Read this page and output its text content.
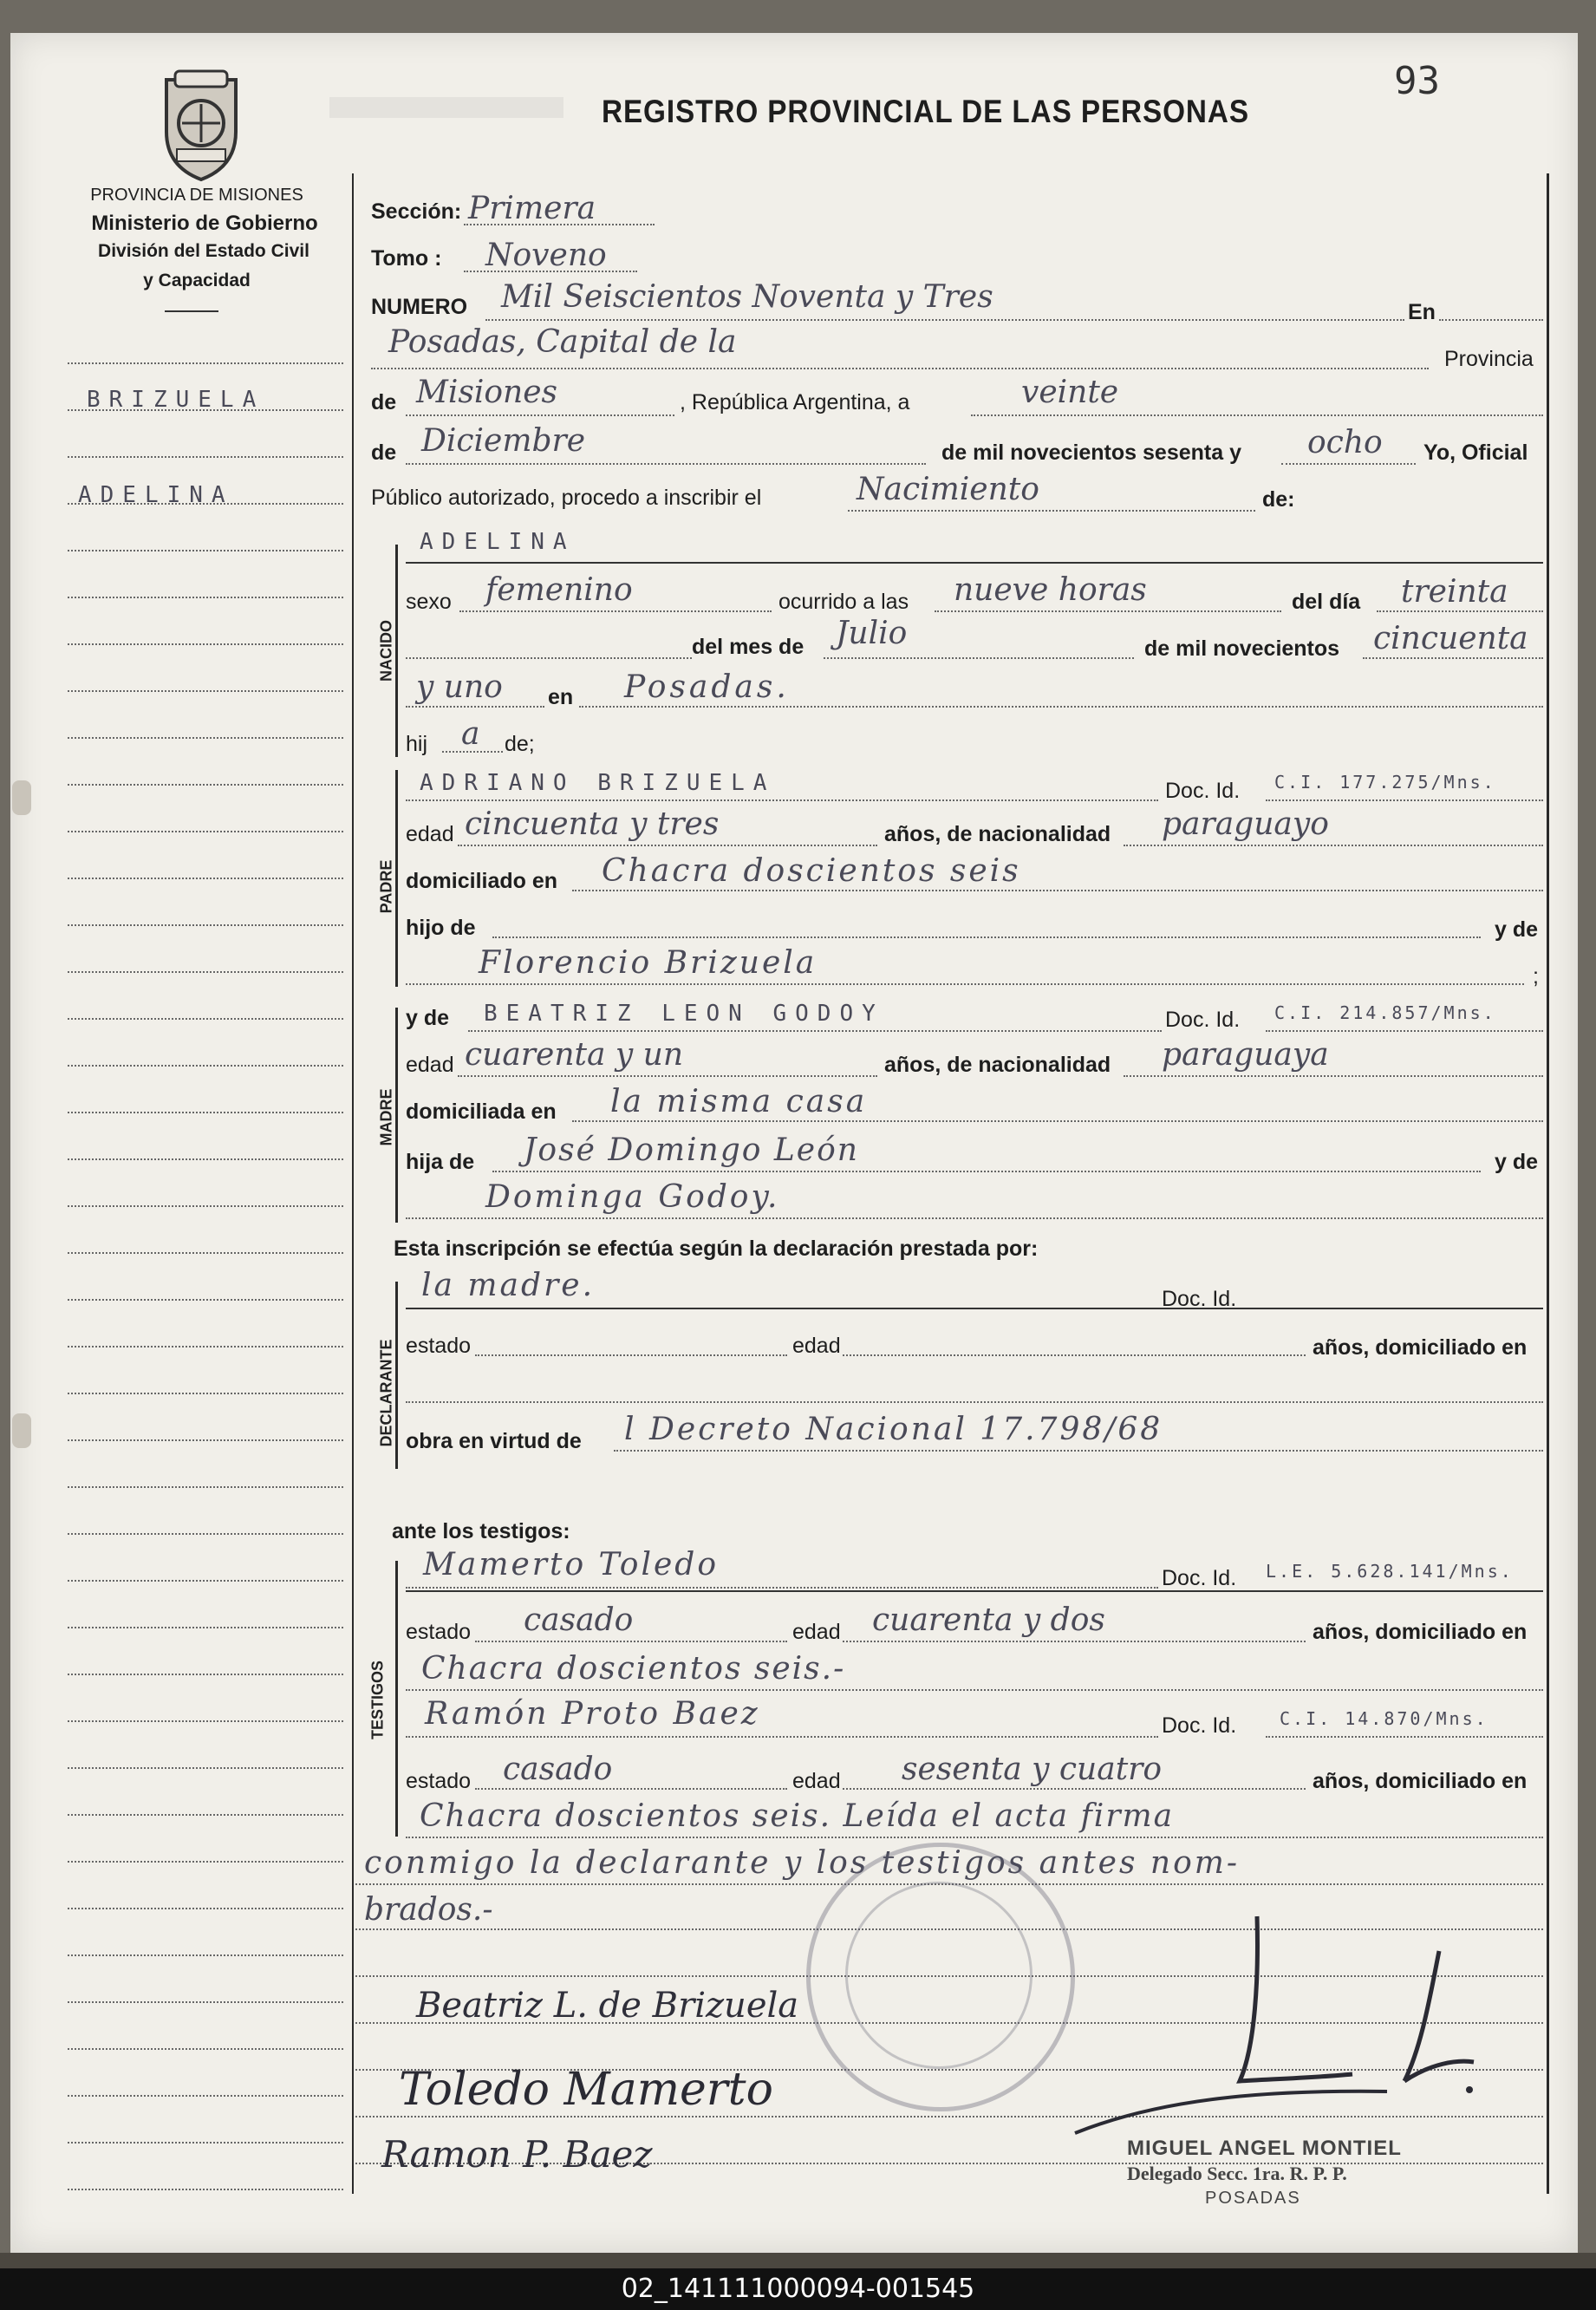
93
REGISTRO PROVINCIAL DE LAS PERSONAS
PROVINCIA DE MISIONES
Ministerio de Gobierno
División del Estado Civil
y Capacidad
BRIZUELA
ADELINA
Sección: Primera
Tomo : Noveno
NUMERO Mil Seiscientos Noventa y Tres	En
Posadas, Capital de la	Provincia
de Misiones	, República Argentina, a	veinte
de Diciembre	de mil novecientos sesenta y ocho Yo, Oficial
Público autorizado, procedo a inscribir el	Nacimiento	de:
NACIDO
ADELINA
sexo femenino	ocurrido a las nueve horas	del día treinta
del mes de Julio	de mil novecientos cincuenta
y uno en Posadas.
hij a de;
PADRE
ADRIANO BRIZUELA	Doc. Id. C.I. 177.275/Mns.
edad cincuenta y tres	años, de nacionalidad paraguayo
domiciliado en Chacra doscientos seis
hijo de	y de
Florencio Brizuela	;
MADRE
y de BEATRIZ LEON GODOY	Doc. Id. C.I. 214.857/Mns.
edad cuarenta y un	años, de nacionalidad paraguaya
domiciliada en la misma casa
hija de José Domingo León	y de
Dominga Godoy.
Esta inscripción se efectúa según la declaración prestada por:
DECLARANTE
la madre.	Doc. Id.
estado	edad	años, domiciliado en
obra en virtud de l Decreto Nacional 17.798/68
ante los testigos:
TESTIGOS
Mamerto Toledo	Doc. Id. L.E. 5.628.141/Mns.
estado casado	edad cuarenta y dos	años, domiciliado en
Chacra doscientos seis.-
Ramón Proto Baez	Doc. Id. C.I. 14.870/Mns.
estado casado	edad sesenta y cuatro	años, domiciliado en
Chacra doscientos seis. Leída el acta firma
conmigo la declarante y los testigos antes nom-
brados.-
Beatriz L. de Brizuela
Toledo Mamerto
Ramon P. Baez	MIGUEL ANGEL MONTIEL
Delegado Secc. 1ra. R. P. P.
POSADAS
02_141111000094-001545
